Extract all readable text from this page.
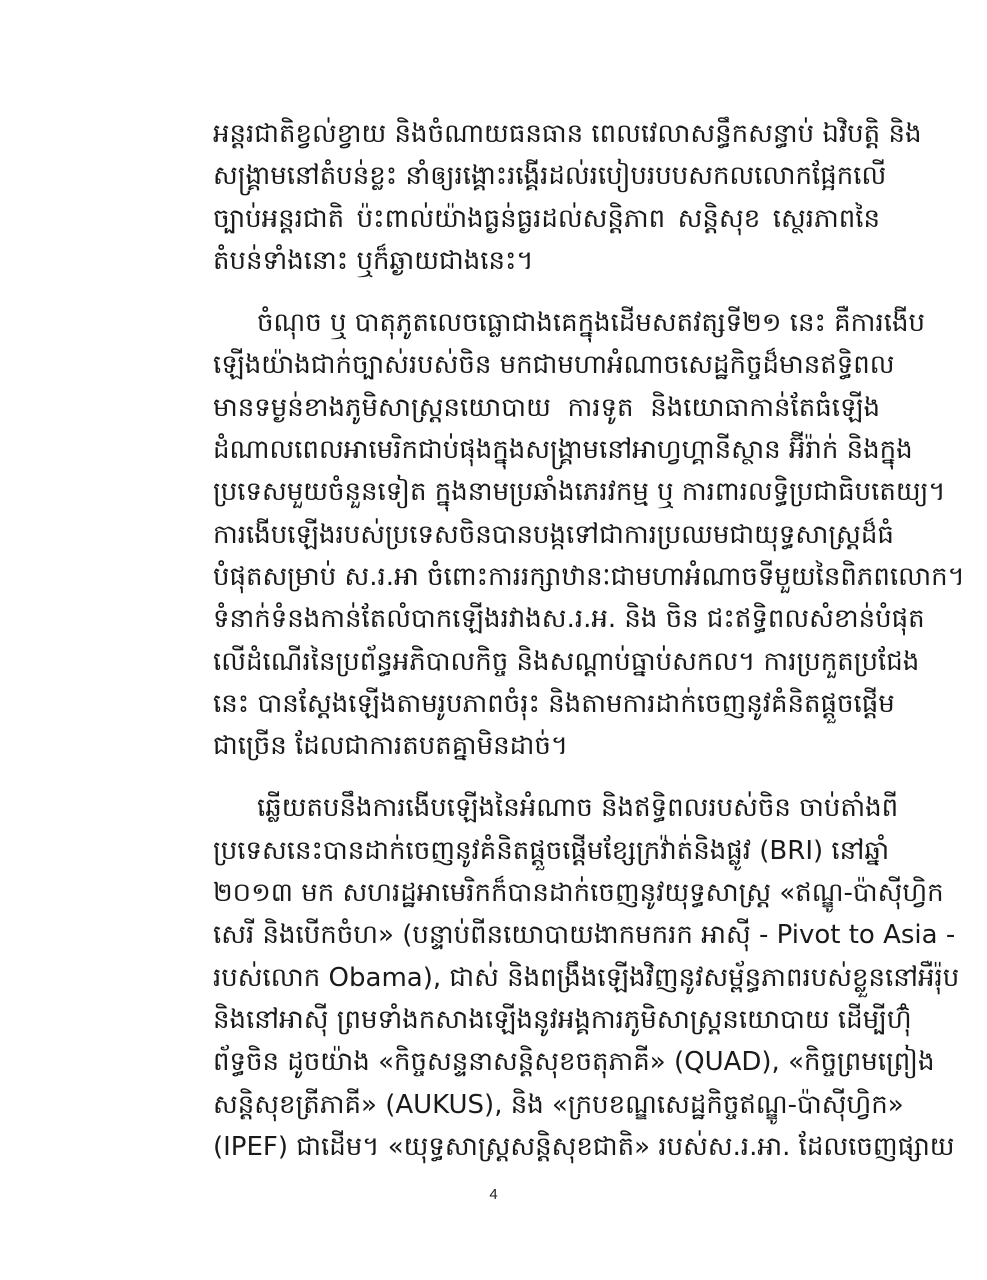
អន្តរជាតិខ្វល់ខ្វាយ និងចំណាយធនធាន ពេលវេលាសន្ធឹកសន្ធាប់ ឯវិបត្តិ និង
សង្គ្រាមនៅតំបន់ខ្លះ នាំឲ្យរង្គោះរង្គើរដល់របៀបរបបសកលលោកផ្អែកលើ
ច្បាប់អន្តរជាតិ ប៉ះពាល់យ៉ាងធ្ងន់ធ្ងរដល់សន្តិភាព សន្តិសុខ ស្ថេរភាពនៃ
តំបន់ទាំងនោះ ឬក៏ឆ្ងាយជាងនេះ។
ចំណុច ឬ បាតុភូតលេចធ្លោជាងគេក្នុងដើមសតវត្សទី២១ នេះ គឺការងើប
ឡើងយ៉ាងជាក់ច្បាស់របស់ចិន មកជាមហាអំណាចសេដ្ឋកិច្ចដ៏មានឥទ្ធិពល
មានទម្ងន់ខាងភូមិសាស្ត្រនយោបាយ ការទូត និងយោធាកាន់តែធំឡើង
ដំណាលពេលអាមេរិកជាប់ផុងក្នុងសង្គ្រាមនៅអាហ្វហ្គានីស្ថាន អ៊ីរ៉ាក់ និងក្នុង
ប្រទេសមួយចំនួនទៀត ក្នុងនាមប្រឆាំងភេរវកម្ម ឬ ការពារលទ្ធិប្រជាធិបតេយ្យ។
ការងើបឡើងរបស់ប្រទេសចិនបានបង្កទៅជាការប្រឈមជាយុទ្ធសាស្ត្រដ៏ធំ
បំផុតសម្រាប់ ស.រ.អា ចំពោះការរក្សាឋានៈជាមហាអំណាចទីមួយនៃពិភពលោក។
ទំនាក់ទំនងកាន់តែលំបាកឡើងរវាងស.រ.អ. និង ចិន ជះឥទ្ធិពលសំខាន់បំផុត
លើដំណើរនៃប្រព័ន្ធអភិបាលកិច្ច និងសណ្តាប់ធ្នាប់សកល។ ការប្រកួតប្រជែង
នេះ បានស្តែងឡើងតាមរូបភាពចំរុះ និងតាមការដាក់ចេញនូវគំនិតផ្តួចផ្តើម
ជាច្រើន ដែលជាការតបតគ្នាមិនដាច់។
ឆ្លើយតបនឹងការងើបឡើងនៃអំណាច និងឥទ្ធិពលរបស់ចិន ចាប់តាំងពី
ប្រទេសនេះបានដាក់ចេញនូវគំនិតផ្តួចផ្តើមខ្សែក្រវ៉ាត់និងផ្លូវ (BRI) នៅឆ្នាំ
២០១៣ មក សហរដ្ឋអាមេរិកក៏បានដាក់ចេញនូវយុទ្ធសាស្ត្រ «ឥណ្ឌូ-ប៉ាស៊ីហ្វិក
សេរី និងបើកចំហ» (បន្ទាប់ពីនយោបាយងាកមករក អាស៊ី - Pivot to Asia -
របស់លោក Obama), ជាស់ និងពង្រឹងឡើងវិញនូវសម្ព័ន្ធភាពរបស់ខ្លួននៅអឺរ៉ុប
និងនៅអាស៊ី ព្រមទាំងកសាងឡើងនូវអង្គការភូមិសាស្ត្រនយោបាយ ដើម្បីហ៊ុំ
ព័ទ្ធចិន ដូចយ៉ាង «កិច្ចសន្ទនាសន្តិសុខចតុភាគី» (QUAD), «កិច្ចព្រមព្រៀង
សន្តិសុខត្រីភាគី» (AUKUS), និង «ក្របខណ្ឌសេដ្ឋកិច្ចឥណ្ឌូ-ប៉ាស៊ីហ្វិក»
(IPEF) ជាដើម។ «យុទ្ធសាស្ត្រសន្តិសុខជាតិ» របស់ស.រ.អា. ដែលចេញផ្សាយ
4
